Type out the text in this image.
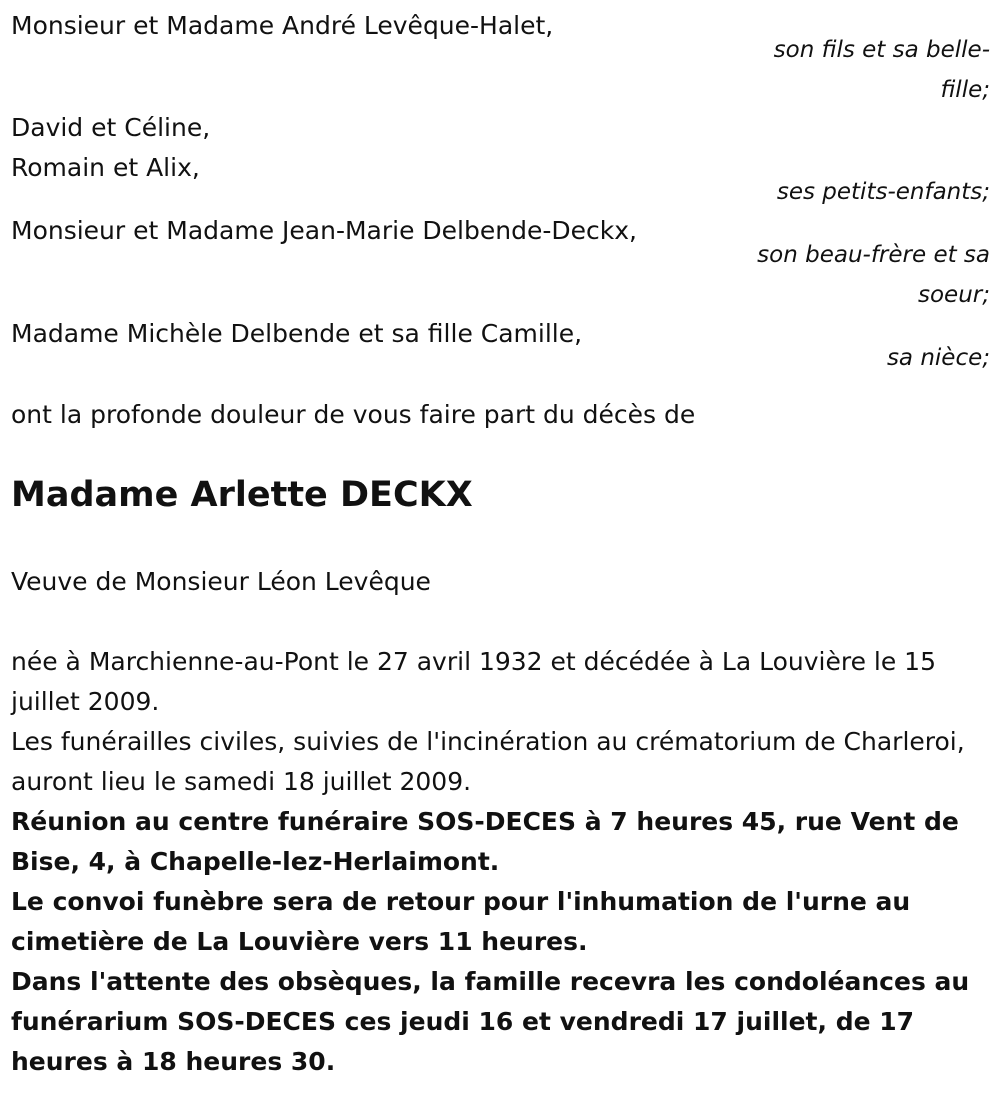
Monsieur et Madame André Levêque-Halet,
son fils et sa belle-
fille;
David et Céline,
Romain et Alix,
ses petits-enfants;
Monsieur et Madame Jean-Marie Delbende-Deckx,
son beau-frère et sa
soeur;
Madame Michèle Delbende et sa fille Camille,
sa nièce;
ont la profonde douleur de vous faire part du décès de
Madame Arlette DECKX
Veuve de Monsieur Léon Levêque
née à Marchienne-au-Pont le 27 avril 1932 et décédée à La Louvière le 15 juillet 2009.
Les funérailles civiles, suivies de l'incinération au crématorium de Charleroi, auront lieu le samedi 18 juillet 2009.
Réunion au centre funéraire SOS-DECES à 7 heures 45, rue Vent de Bise, 4, à Chapelle-lez-Herlaimont.
Le convoi funèbre sera de retour pour l'inhumation de l'urne au cimetière de La Louvière vers 11 heures.
Dans l'attente des obsèques, la famille recevra les condoléances au funérarium SOS-DECES ces jeudi 16 et vendredi 17 juillet, de 17 heures à 18 heures 30.
